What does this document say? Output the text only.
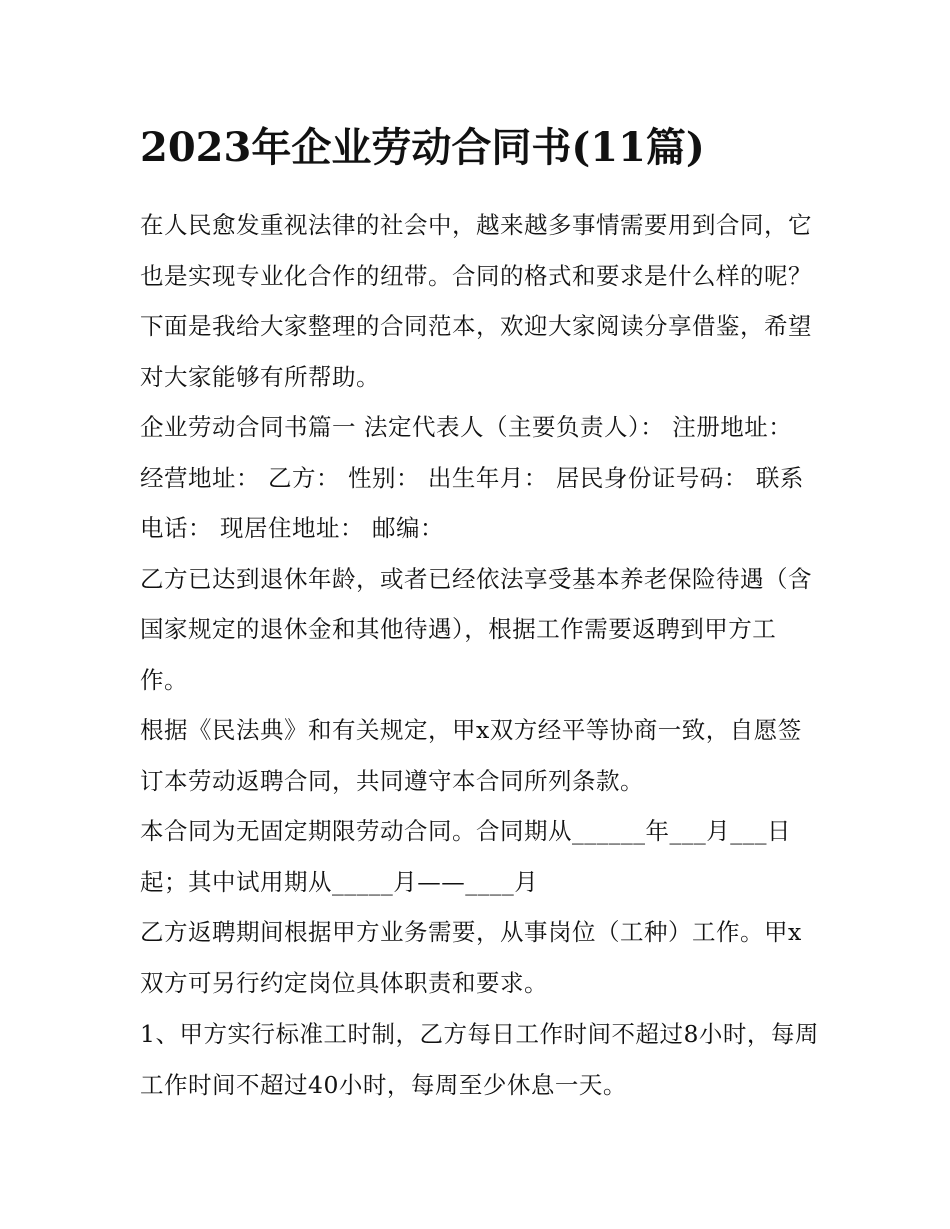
2023年企业劳动合同书(11篇)

在人民愈发重视法律的社会中，越来越多事情需要用到合同，它也是实现专业化合作的纽带。合同的格式和要求是什么样的呢？下面是我给大家整理的合同范本，欢迎大家阅读分享借鉴，希望对大家能够有所帮助。

企业劳动合同书篇一 法定代表人（主要负责人）： 注册地址： 经营地址： 乙方： 性别： 出生年月： 居民身份证号码： 联系电话： 现居住地址： 邮编：

乙方已达到退休年龄，或者已经依法享受基本养老保险待遇（含国家规定的退休金和其他待遇），根据工作需要返聘到甲方工作。

根据《民法典》和有关规定，甲x双方经平等协商一致，自愿签订本劳动返聘合同，共同遵守本合同所列条款。

本合同为无固定期限劳动合同。合同期从______年___月___日起；其中试用期从_____月——____月

乙方返聘期间根据甲方业务需要，从事岗位（工种）工作。甲x双方可另行约定岗位具体职责和要求。

1、甲方实行标准工时制，乙方每日工作时间不超过8小时，每周工作时间不超过40小时，每周至少休息一天。
